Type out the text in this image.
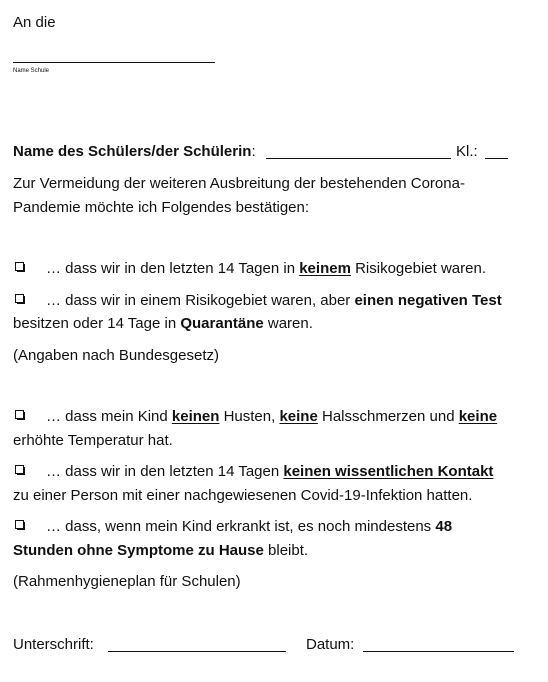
An die
Name Schule
Name des Schülers/der Schülerin:	Kl.:
Zur Vermeidung der weiteren Ausbreitung der bestehenden Corona-
Pandemie möchte ich Folgendes bestätigen:
… dass wir in den letzten 14 Tagen in keinem Risikogebiet waren.
… dass wir in einem Risikogebiet waren, aber einen negativen Test
besitzen oder 14 Tage in Quarantäne waren.
(Angaben nach Bundesgesetz)
… dass mein Kind keinen Husten, keine Halsschmerzen und keine
erhöhte Temperatur hat.
… dass wir in den letzten 14 Tagen keinen wissentlichen Kontakt
zu einer Person mit einer nachgewiesenen Covid-19-Infektion hatten.
… dass, wenn mein Kind erkrankt ist, es noch mindestens 48
Stunden ohne Symptome zu Hause bleibt.
(Rahmenhygieneplan für Schulen)
Unterschrift:	Datum:
